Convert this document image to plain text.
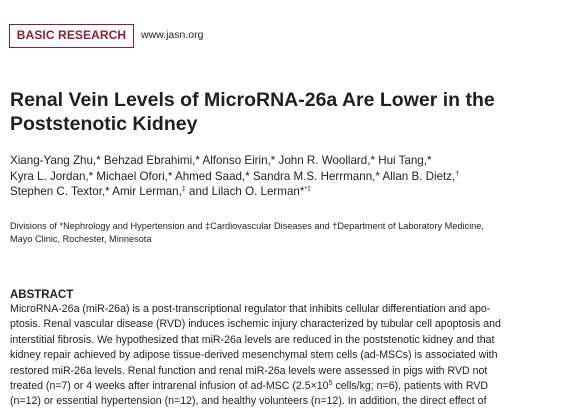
BASIC RESEARCH	www.jasn.org
Renal Vein Levels of MicroRNA-26a Are Lower in the
Poststenotic Kidney
Xiang-Yang Zhu,* Behzad Ebrahimi,* Alfonso Eirin,* John R. Woollard,* Hui Tang,*
Kyra L. Jordan,* Michael Ofori,* Ahmed Saad,* Sandra M.S. Herrmann,* Allan B. Dietz,†
Stephen C. Textor,* Amir Lerman,‡ and Lilach O. Lerman**‡
Divisions of *Nephrology and Hypertension and ‡Cardiovascular Diseases and †Department of Laboratory Medicine,
Mayo Clinic, Rochester, Minnesota
ABSTRACT
MicroRNA-26a (miR-26a) is a post-transcriptional regulator that inhibits cellular differentiation and apo-
ptosis. Renal vascular disease (RVD) induces ischemic injury characterized by tubular cell apoptosis and
interstitial fibrosis. We hypothesized that miR-26a levels are reduced in the poststenotic kidney and that
kidney repair achieved by adipose tissue-derived mesenchymal stem cells (ad-MSCs) is associated with
restored miR-26a levels. Renal function and renal miR-26a levels were assessed in pigs with RVD not
treated (n=7) or 4 weeks after intrarenal infusion of ad-MSC ($2.5\times 10^5$ cells/kg; n=6), patients with RVD
(n=12) or essential hypertension (n=12), and healthy volunteers (n=12). In addition, the direct effect of
